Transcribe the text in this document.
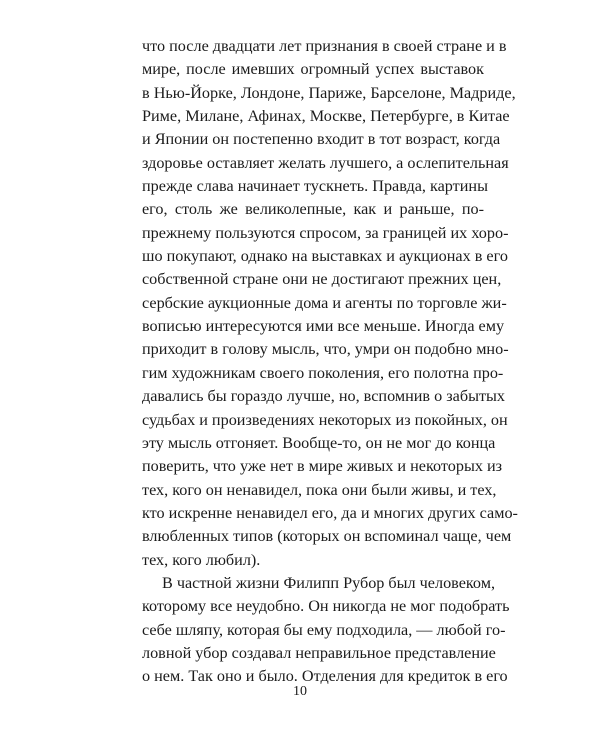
что после двадцати лет признания в своей стране и в
мире, после имевших огромный успех выставок
в Нью-Йорке, Лондоне, Париже, Барселоне, Мадриде,
Риме, Милане, Афинах, Москве, Петербурге, в Китае
и Японии он постепенно входит в тот возраст, когда
здоровье оставляет желать лучшего, а ослепительная
прежде слава начинает тускнеть. Правда, картины
его, столь же великолепные, как и раньше, по-
прежнему пользуются спросом, за границей их хоро-
шо покупают, однако на выставках и аукционах в его
собственной стране они не достигают прежних цен,
сербские аукционные дома и агенты по торговле жи-
вописью интересуются ими все меньше. Иногда ему
приходит в голову мысль, что, умри он подобно мно-
гим художникам своего поколения, его полотна про-
давались бы гораздо лучше, но, вспомнив о забытых
судьбах и произведениях некоторых из покойных, он
эту мысль отгоняет. Вообще-то, он не мог до конца
поверить, что уже нет в мире живых и некоторых из
тех, кого он ненавидел, пока они были живы, и тех,
кто искренне ненавидел его, да и многих других само-
влюбленных типов (которых он вспоминал чаще, чем
тех, кого любил).
В частной жизни Филипп Рубор был человеком,
которому все неудобно. Он никогда не мог подобрать
себе шляпу, которая бы ему подходила, — любой го-
ловной убор создавал неправильное представление
о нем. Так оно и было. Отделения для кредиток в его
10
